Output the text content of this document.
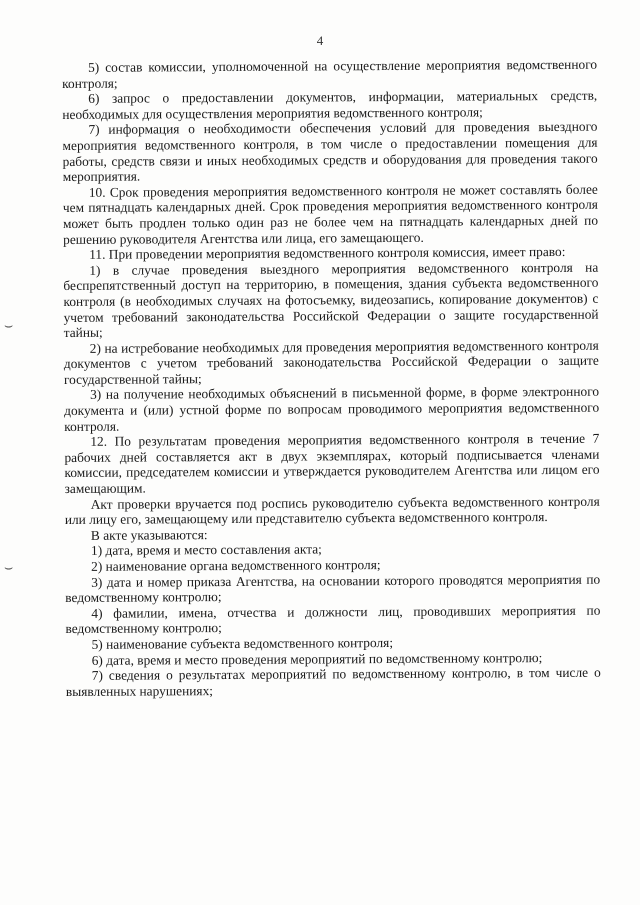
4
⌣
⌣

5) состав комиссии, уполномоченной на осуществление мероприятия ведомственного контроля;

6) запрос о предоставлении документов, информации, материальных средств, необходимых для осуществления мероприятия ведомственного контроля;

7) информация о необходимости обеспечения условий для проведения выездного мероприятия ведомственного контроля, в том числе о предоставлении помещения для работы, средств связи и иных необходимых средств и оборудования для проведения такого мероприятия.

10. Срок проведения мероприятия ведомственного контроля не может составлять более чем пятнадцать календарных дней. Срок проведения мероприятия ведомственного контроля может быть продлен только один раз не более чем на пятнадцать календарных дней по решению руководителя Агентства или лица, его замещающего.

11. При проведении мероприятия ведомственного контроля комиссия, имеет право:

1) в случае проведения выездного мероприятия ведомственного контроля на беспрепятственный доступ на территорию, в помещения, здания субъекта ведомственного контроля (в необходимых случаях на фотосъемку, видеозапись, копирование документов) с учетом требований законодательства Российской Федерации о защите государственной тайны;

2) на истребование необходимых для проведения мероприятия ведомственного контроля документов с учетом требований законодательства Российской Федерации о защите государственной тайны;

3) на получение необходимых объяснений в письменной форме, в форме электронного документа и (или) устной форме по вопросам проводимого мероприятия ведомственного контроля.

12. По результатам проведения мероприятия ведомственного контроля в течение 7 рабочих дней составляется акт в двух экземплярах, который подписывается членами комиссии, председателем комиссии и утверждается руководителем Агентства или лицом его замещающим.

Акт проверки вручается под роспись руководителю субъекта ведомственного контроля или лицу его, замещающему или представителю субъекта ведомственного контроля.

В акте указываются:

1) дата, время и место составления акта;

2) наименование органа ведомственного контроля;

3) дата и номер приказа Агентства, на основании которого проводятся мероприятия по ведомственному контролю;

4) фамилии, имена, отчества и должности лиц, проводивших мероприятия по ведомственному контролю;

5) наименование субъекта ведомственного контроля;

6) дата, время и место проведения мероприятий по ведомственному контролю;

7) сведения о результатах мероприятий по ведомственному контролю, в том числе о выявленных нарушениях;
